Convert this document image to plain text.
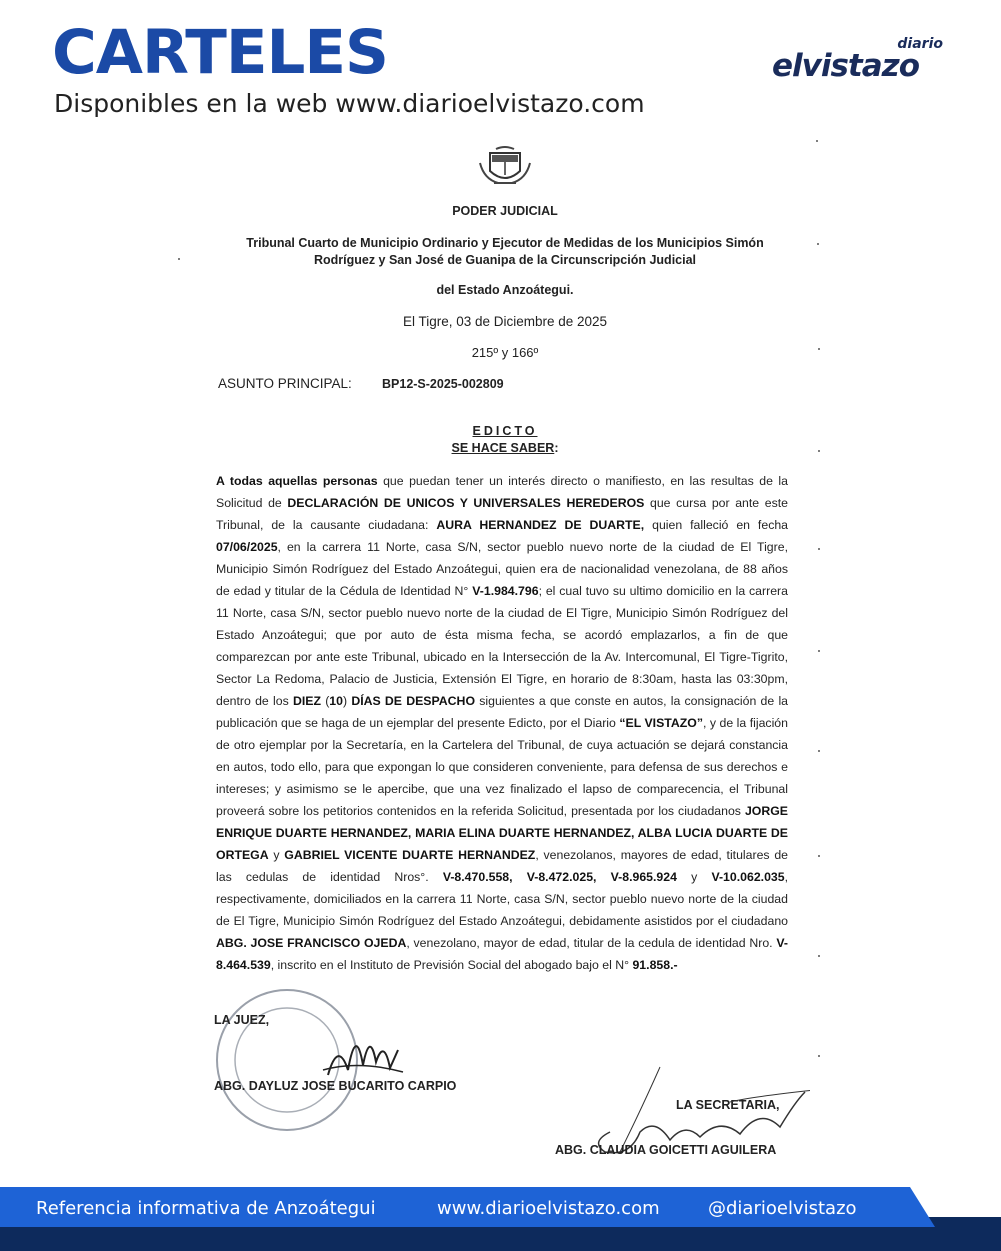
CARTELES
Disponibles en la web www.diarioelvistazo.com
diario
elvistazo
PODER JUDICIAL
Tribunal Cuarto de Municipio Ordinario y Ejecutor de Medidas de los Municipios Simón
Rodríguez y San José de Guanipa de la Circunscripción Judicial
del Estado Anzoátegui.
El Tigre, 03 de Diciembre de 2025
215º y 166º
ASUNTO PRINCIPAL: BP12-S-2025-002809
EDICTO
SE HACE SABER:
A todas aquellas personas que puedan tener un interés directo o manifiesto, en las resultas de la Solicitud de DECLARACIÓN DE UNICOS Y UNIVERSALES HEREDEROS que cursa por ante este Tribunal, de la causante ciudadana: AURA HERNANDEZ DE DUARTE, quien falleció en fecha 07/06/2025, en la carrera 11 Norte, casa S/N, sector pueblo nuevo norte de la ciudad de El Tigre, Municipio Simón Rodríguez del Estado Anzoátegui, quien era de nacionalidad venezolana, de 88 años de edad y titular de la Cédula de Identidad N° V-1.984.796; el cual tuvo su ultimo domicilio en la carrera 11 Norte, casa S/N, sector pueblo nuevo norte de la ciudad de El Tigre, Municipio Simón Rodríguez del Estado Anzoátegui; que por auto de ésta misma fecha, se acordó emplazarlos, a fin de que comparezcan por ante este Tribunal, ubicado en la Intersección de la Av. Intercomunal, El Tigre-Tigrito, Sector La Redoma, Palacio de Justicia, Extensión El Tigre, en horario de 8:30am, hasta las 03:30pm, dentro de los DIEZ (10) DÍAS DE DESPACHO siguientes a que conste en autos, la consignación de la publicación que se haga de un ejemplar del presente Edicto, por el Diario “EL VISTAZO”, y de la fijación de otro ejemplar por la Secretaría, en la Cartelera del Tribunal, de cuya actuación se dejará constancia en autos, todo ello, para que expongan lo que consideren conveniente, para defensa de sus derechos e intereses; y asimismo se le apercibe, que una vez finalizado el lapso de comparecencia, el Tribunal proveerá sobre los petitorios contenidos en la referida Solicitud, presentada por los ciudadanos JORGE ENRIQUE DUARTE HERNANDEZ, MARIA ELINA DUARTE HERNANDEZ, ALBA LUCIA DUARTE DE ORTEGA y GABRIEL VICENTE DUARTE HERNANDEZ, venezolanos, mayores de edad, titulares de las cedulas de identidad Nros°. V-8.470.558, V-8.472.025, V-8.965.924 y V-10.062.035, respectivamente, domiciliados en la carrera 11 Norte, casa S/N, sector pueblo nuevo norte de la ciudad de El Tigre, Municipio Simón Rodríguez del Estado Anzoátegui, debidamente asistidos por el ciudadano ABG. JOSE FRANCISCO OJEDA, venezolano, mayor de edad, titular de la cedula de identidad Nro. V-8.464.539, inscrito en el Instituto de Previsión Social del abogado bajo el N° 91.858.-
LA JUEZ,
ABG. DAYLUZ JOSE BUCARITO CARPIO
LA SECRETARIA,
ABG. CLAUDIA GOICETTI AGUILERA
Referencia informativa de Anzoátegui	www.diarioelvistazo.com	@diarioelvistazo
